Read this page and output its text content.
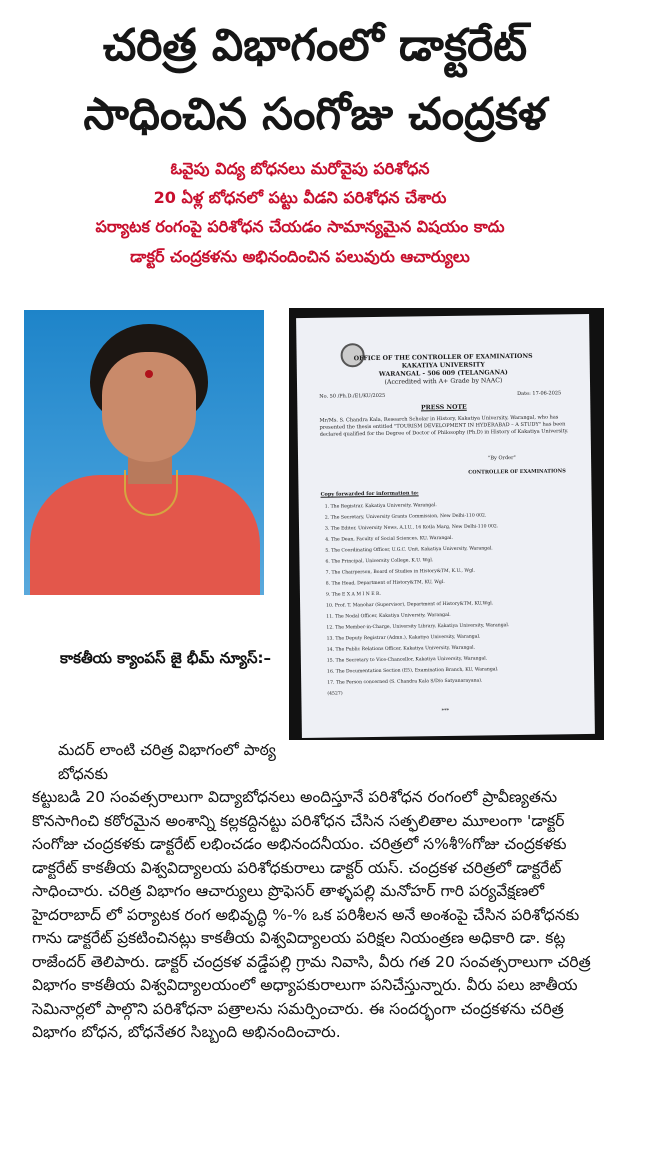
చరిత్ర విభాగంలో డాక్టరేట్
సాధించిన సంగోజు చంద్రకళ
ఓవైపు విద్య బోధనలు మరోవైపు పరిశోధన
20 ఏళ్ల బోధనలో పట్టు వీడని పరిశోధన చేశారు
పర్యాటక రంగంపై పరిశోధన చేయడం సామాన్యమైన విషయం కాదు
డాక్టర్ చంద్రకళను అభినందించిన పలువురు ఆచార్యులు
OFFICE OF THE CONTROLLER OF EXAMINATIONS
KAKATIYA UNIVERSITY
WARANGAL - 506 009 (TELANGANA)
(Accredited with A+ Grade by NAAC)
No. 50 /Ph.D./E1/KU/2025	Date: 17-06-2025
PRESS NOTE
Mr/Ms. S. Chandra Kala, Research Scholar in History, Kakatiya University, Warangal, who has presented the thesis entitled "TOURISM DEVELOPMENT IN HYDERABAD – A STUDY" has been declared qualified for the Degree of Doctor of Philosophy (Ph.D) in History of Kakatiya University.
"By Order"
CONTROLLER OF EXAMINATIONS
Copy forwarded for information to:
1. The Registrar, Kakatiya University, Warangal.
2. The Secretary, University Grants Commission, New Delhi-110 002.
3. The Editor, University News, A.I.U., 16 Kotla Marg, New Delhi-110 002.
4. The Dean, Faculty of Social Sciences, KU, Warangal.
5. The Coordinating Officer, U.G.C. Unit, Kakatiya University, Warangal.
6. The Principal, University College, K.U. Wgl.
7. The Chairperson, Board of Studies in History&TM, K.U., Wgl.
8. The Head, Department of History&TM, KU, Wgl.
9. The E X A M I N E R.
10. Prof. T. Manohar (Supervisor), Department of History&TM, KU,Wgl.
11. The Nodal Officer, Kakatiya University, Warangal.
12. The Member-in-Charge, University Library, Kakatiya University, Warangal.
13. The Deputy Registrar (Admn.), Kakatiya University, Warangal.
14. The Public Relations Officer, Kakatiya University, Warangal.
15. The Secretary to Vice-Chancellor, Kakatiya University, Warangal.
16. The Documentation Section (E5), Examination Branch, KU, Warangal.
17. The Person concerned (S. Chandra Kala S/D/o Satyanarayana).
(4527)
***
కాకతీయ క్యాంపస్ జై భీమ్ న్యూస్:–
మదర్ లాంటి చరిత్ర విభాగంలో పాఠ్య బోధనకు
కట్టుబడి 20 సంవత్సరాలుగా విద్యాబోధనలు అందిస్తూనే పరిశోధన రంగంలో ప్రావీణ్యతను కొనసాగించి కఠోరమైన అంశాన్ని కల్లకద్దినట్టు పరిశోధన చేసిన సత్ఫలితాల మూలంగా 'డాక్టర్ సంగోజు చంద్రకళకు డాక్టరేట్ లభించడం అభినందనీయం. చరిత్రలో స%శీ%గోజు చంద్రకళకు డాక్టరేట్ కాకతీయ విశ్వవిద్యాలయ పరిశోధకురాలు డాక్టర్ యస్. చంద్రకళ చరిత్రలో డాక్టరేట్ సాధించారు. చరిత్ర విభాగం ఆచార్యులు ప్రొఫెసర్ తాళ్ళపల్లి మనోహర్ గారి పర్యవేక్షణలో హైదరాబాద్ లో పర్యాటక రంగ అభివృద్ధి %-% ఒక పరిశీలన అనే అంశంపై చేసిన పరిశోధనకు గాను డాక్టరేట్ ప్రకటించినట్లు కాకతీయ విశ్వవిద్యాలయ పరిక్షల నియంత్రణ అధికారి డా. కట్ల రాజేందర్ తెలిపారు. డాక్టర్ చంద్రకళ వడ్డేపల్లి గ్రామ నివాసి, వీరు గత 20 సంవత్సరాలుగా చరిత్ర విభాగం కాకతీయ విశ్వవిద్యాలయంలో అధ్యాపకురాలుగా పనిచేస్తున్నారు. వీరు పలు జాతీయ సెమినార్లలో పాల్గొని పరిశోధనా పత్రాలను సమర్పించారు. ఈ సందర్భంగా చంద్రకళను చరిత్ర విభాగం బోధన, బోధనేతర సిబ్బంది అభినందించారు.
